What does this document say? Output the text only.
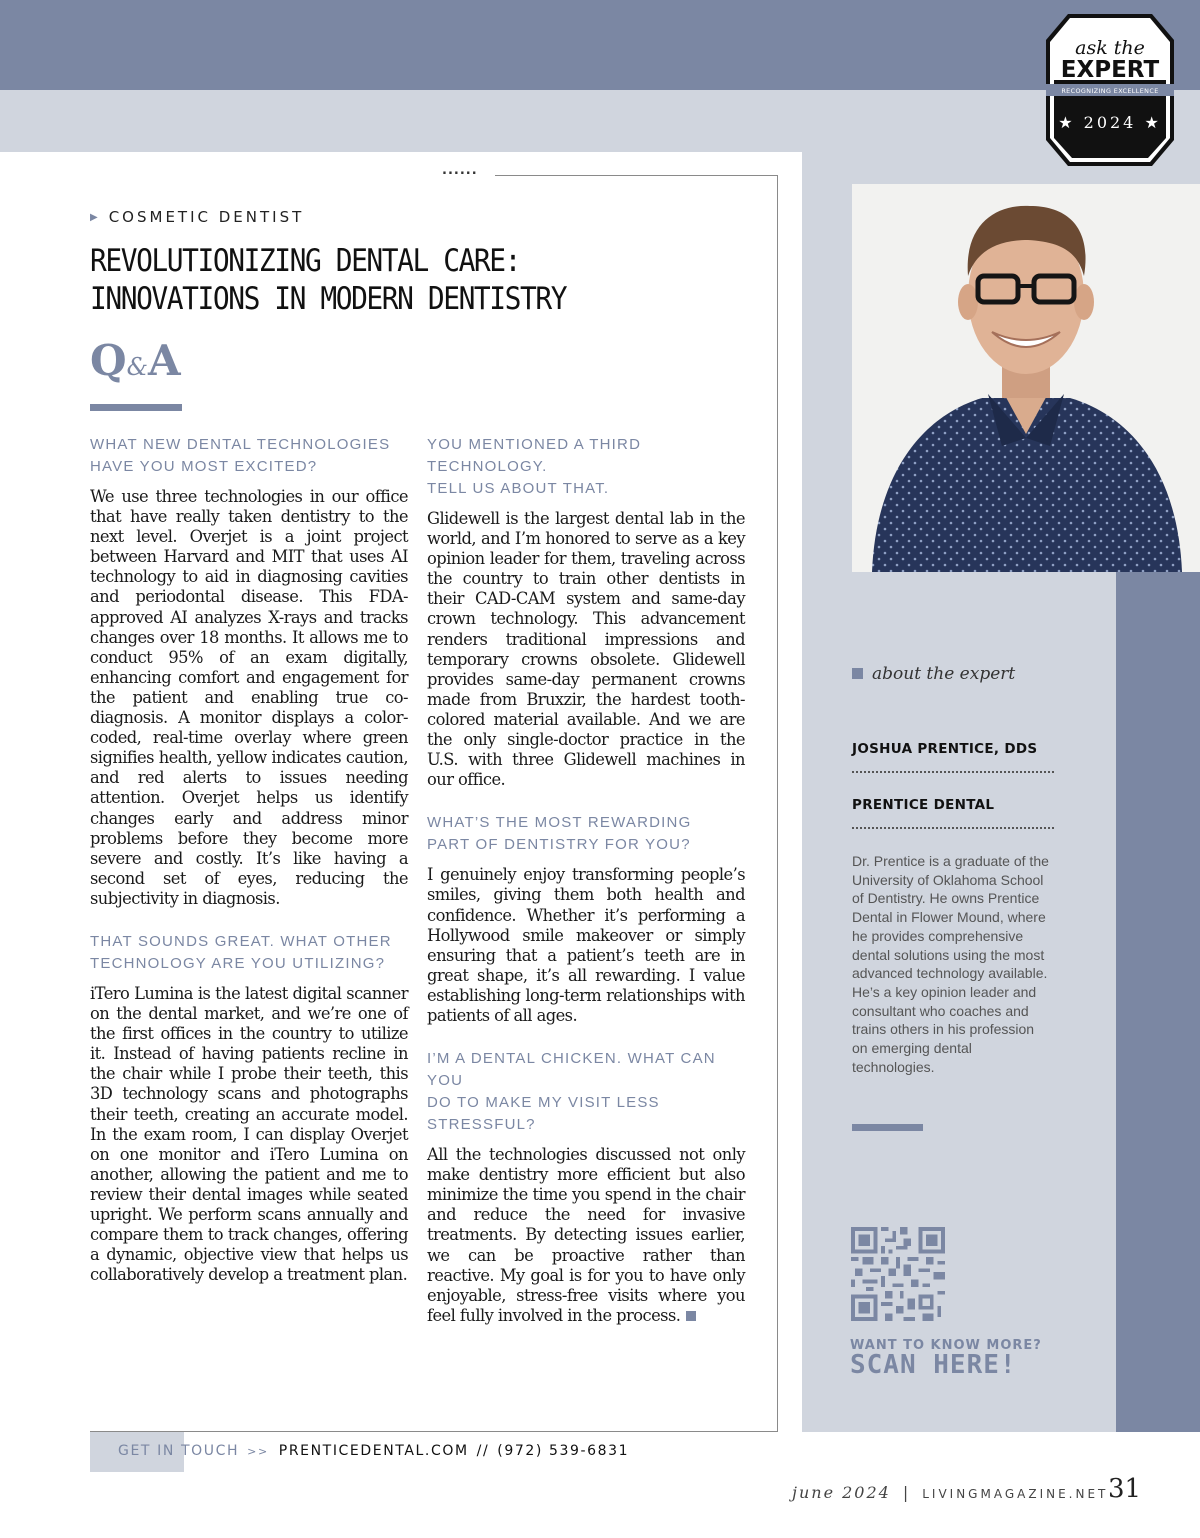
......
ask the
EXPERT
RECOGNIZING EXCELLENCE
★ 2024 ★
▶ COSMETIC DENTIST
REVOLUTIONIZING DENTAL CARE:
INNOVATIONS IN MODERN DENTISTRY
Q&A

WHAT NEW DENTAL TECHNOLOGIES
HAVE YOU MOST EXCITED?

We use three technologies in our office that have really taken dentistry to the next level. Overjet is a joint project between Harvard and MIT that uses AI technology to aid in diagnosing cavities and periodontal disease. This FDA-approved AI analyzes X-rays and tracks changes over 18 months. It allows me to conduct 95% of an exam digitally, enhancing comfort and engagement for the patient and enabling true co-diagnosis. A monitor displays a color-coded, real-time overlay where green signifies health, yellow indicates caution, and red alerts to issues needing attention. Overjet helps us identify changes early and address minor problems before they become more severe and costly. It’s like having a second set of eyes, reducing the subjectivity in diagnosis.

THAT SOUNDS GREAT. WHAT OTHER
TECHNOLOGY ARE YOU UTILIZING?

iTero Lumina is the latest digital scanner on the dental market, and we’re one of the first offices in the country to utilize it. Instead of having patients recline in the chair while I probe their teeth, this 3D technology scans and photographs their teeth, creating an accurate model. In the exam room, I can display Overjet on one monitor and iTero Lumina on another, allowing the patient and me to review their dental images while seated upright. We perform scans annually and compare them to track changes, offering a dynamic, objective view that helps us collaboratively develop a treatment plan.

YOU MENTIONED A THIRD TECHNOLOGY.
TELL US ABOUT THAT.

Glidewell is the largest dental lab in the world, and I’m honored to serve as a key opinion leader for them, traveling across the country to train other dentists in their CAD-CAM system and same-day crown technology. This advancement renders traditional impressions and temporary crowns obsolete. Glidewell provides same-day permanent crowns made from Bruxzir, the hardest tooth-colored material available. And we are the only single-doctor practice in the U.S. with three Glidewell machines in our office.

WHAT’S THE MOST REWARDING
PART OF DENTISTRY FOR YOU?

I genuinely enjoy transforming people’s smiles, giving them both health and confidence. Whether it’s performing a Hollywood smile makeover or simply ensuring that a patient’s teeth are in great shape, it’s all rewarding. I value establishing long-term relationships with patients of all ages.

I’M A DENTAL CHICKEN. WHAT CAN YOU
DO TO MAKE MY VISIT LESS STRESSFUL?

All the technologies discussed not only make dentistry more efficient but also minimize the time you spend in the chair and reduce the need for invasive treatments. By detecting issues earlier, we can be proactive rather than reactive. My goal is for you to have only enjoyable, stress-free visits where you feel fully involved in the process.

about the expert
JOSHUA PRENTICE, DDS
PRENTICE DENTAL
Dr. Prentice is a graduate of the University of Oklahoma School of Dentistry. He owns Prentice Dental in Flower Mound, where he provides comprehensive dental solutions using the most advanced technology available. He’s a key opinion leader and consultant who coaches and trains others in his profession on emerging dental technologies.
WANT TO KNOW MORE?
SCAN HERE!
GET IN TOUCH >> PRENTICEDENTAL.COM // (972) 539-6831
june 2024 | LIVINGMAGAZINE.NET 31
